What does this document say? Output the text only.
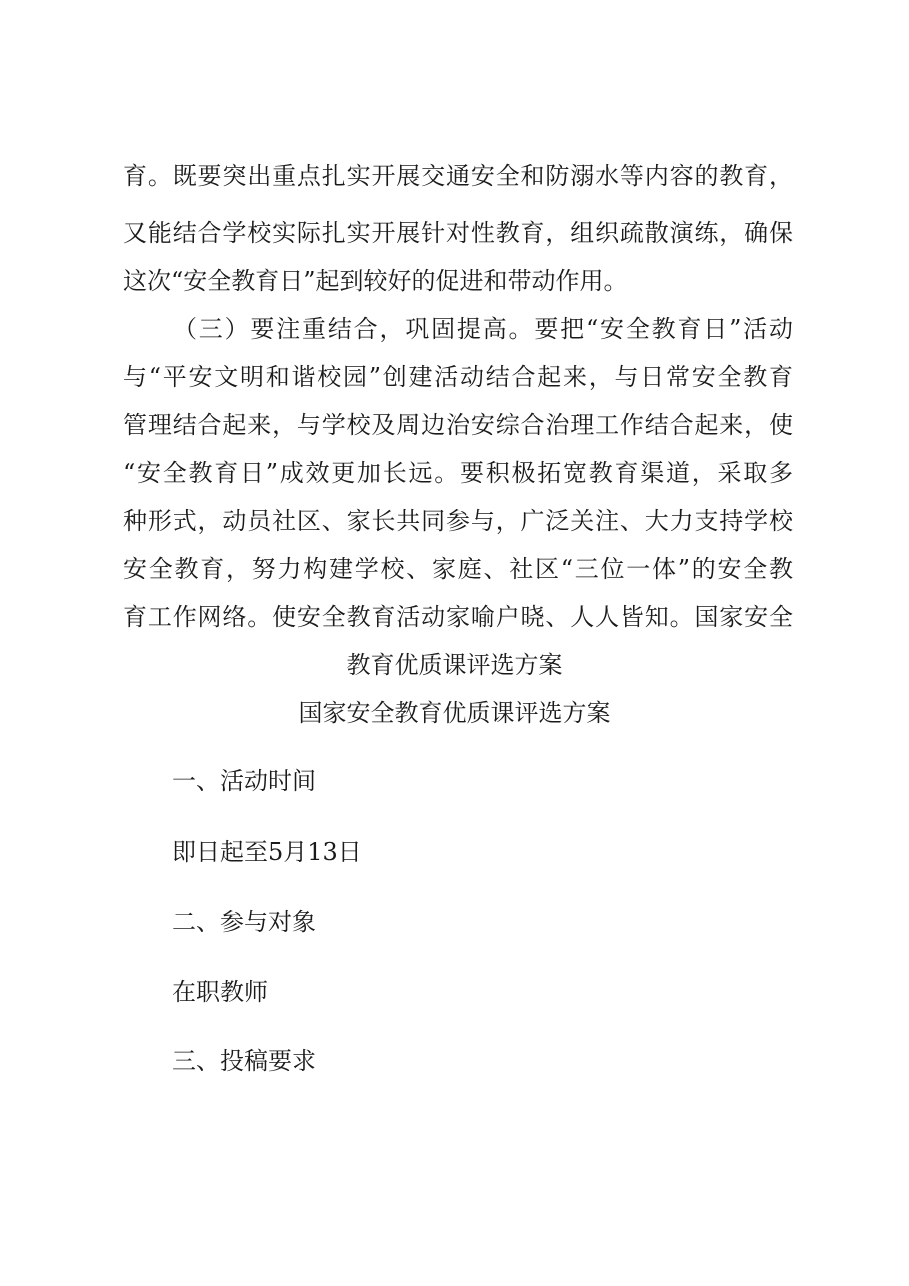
育。既要突出重点扎实开展交通安全和防溺水等内容的教育，
又能结合学校实际扎实开展针对性教育，组织疏散演练，确保
这次“安全教育日”起到较好的促进和带动作用。
（三）要注重结合，巩固提高。要把“安全教育日”活动
与“平安文明和谐校园”创建活动结合起来，与日常安全教育
管理结合起来，与学校及周边治安综合治理工作结合起来，使
“安全教育日”成效更加长远。要积极拓宽教育渠道，采取多
种形式，动员社区、家长共同参与，广泛关注、大力支持学校
安全教育，努力构建学校、家庭、社区“三位一体”的安全教
育工作网络。使安全教育活动家喻户晓、人人皆知。国家安全
教育优质课评选方案
国家安全教育优质课评选方案
一、活动时间
即日起至5月13日
二、参与对象
在职教师
三、投稿要求
